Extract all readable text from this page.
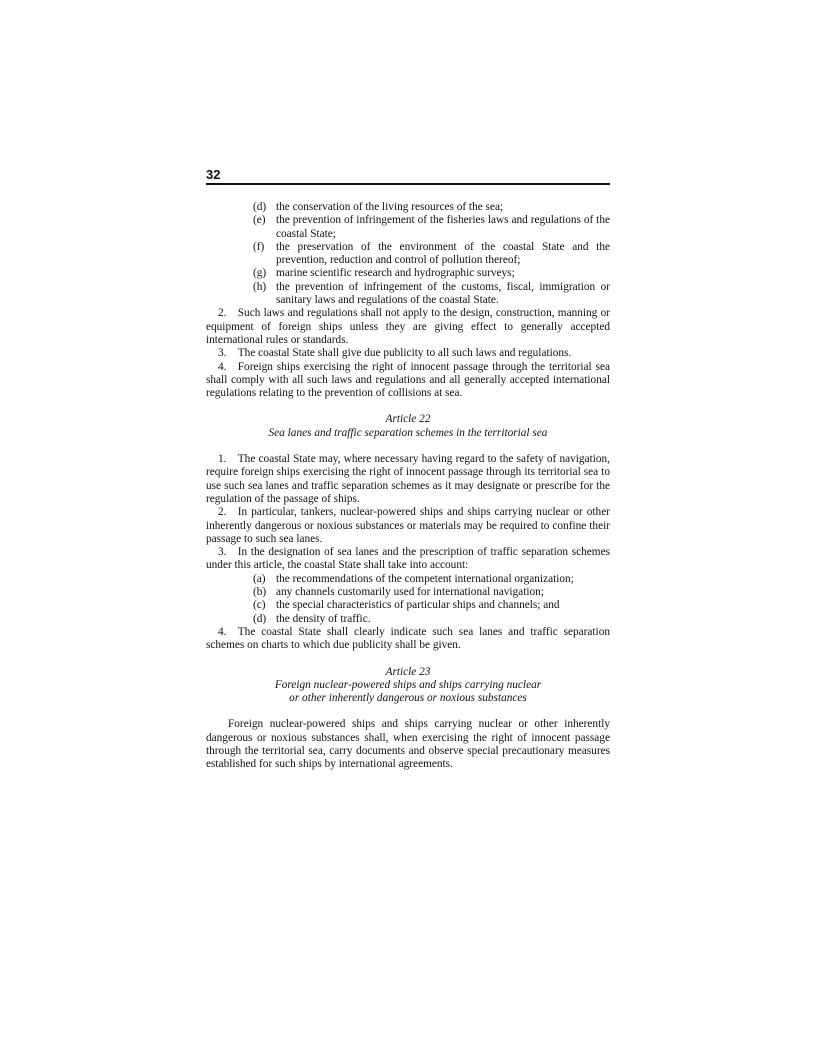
32
(d) the conservation of the living resources of the sea;
(e) the prevention of infringement of the fisheries laws and regulations of the coastal State;
(f)	the preservation of the environment of the coastal State and the prevention, reduction and control of pollution thereof;
(g) marine scientific research and hydrographic surveys;
(h) the prevention of infringement of the customs, fiscal, immigration or sanitary laws and regulations of the coastal State.

2. Such laws and regulations shall not apply to the design, construction, manning or equipment of foreign ships unless they are giving effect to generally accepted international rules or standards.

3. The coastal State shall give due publicity to all such laws and regulations.

4. Foreign ships exercising the right of innocent passage through the territorial sea shall comply with all such laws and regulations and all generally accepted international regulations relating to the prevention of collisions at sea.

Article 22
Sea lanes and traffic separation schemes in the territorial sea

1. The coastal State may, where necessary having regard to the safety of navigation, require foreign ships exercising the right of innocent passage through its territorial sea to use such sea lanes and traffic separation schemes as it may designate or prescribe for the regulation of the passage of ships.

2. In particular, tankers, nuclear-powered ships and ships carrying nuclear or other inherently dangerous or noxious substances or materials may be required to confine their passage to such sea lanes.

3. In the designation of sea lanes and the prescription of traffic separation schemes under this article, the coastal State shall take into account:

(a) the recommendations of the competent international organization;
(b) any channels customarily used for international navigation;
(c) the special characteristics of particular ships and channels; and
(d) the density of traffic.

4. The coastal State shall clearly indicate such sea lanes and traffic separation schemes on charts to which due publicity shall be given.

Article 23
Foreign nuclear-powered ships and ships carrying nuclear
or other inherently dangerous or noxious substances

Foreign nuclear-powered ships and ships carrying nuclear or other inherently dangerous or noxious substances shall, when exercising the right of innocent passage through the territorial sea, carry documents and observe special precautionary measures established for such ships by international agreements.
